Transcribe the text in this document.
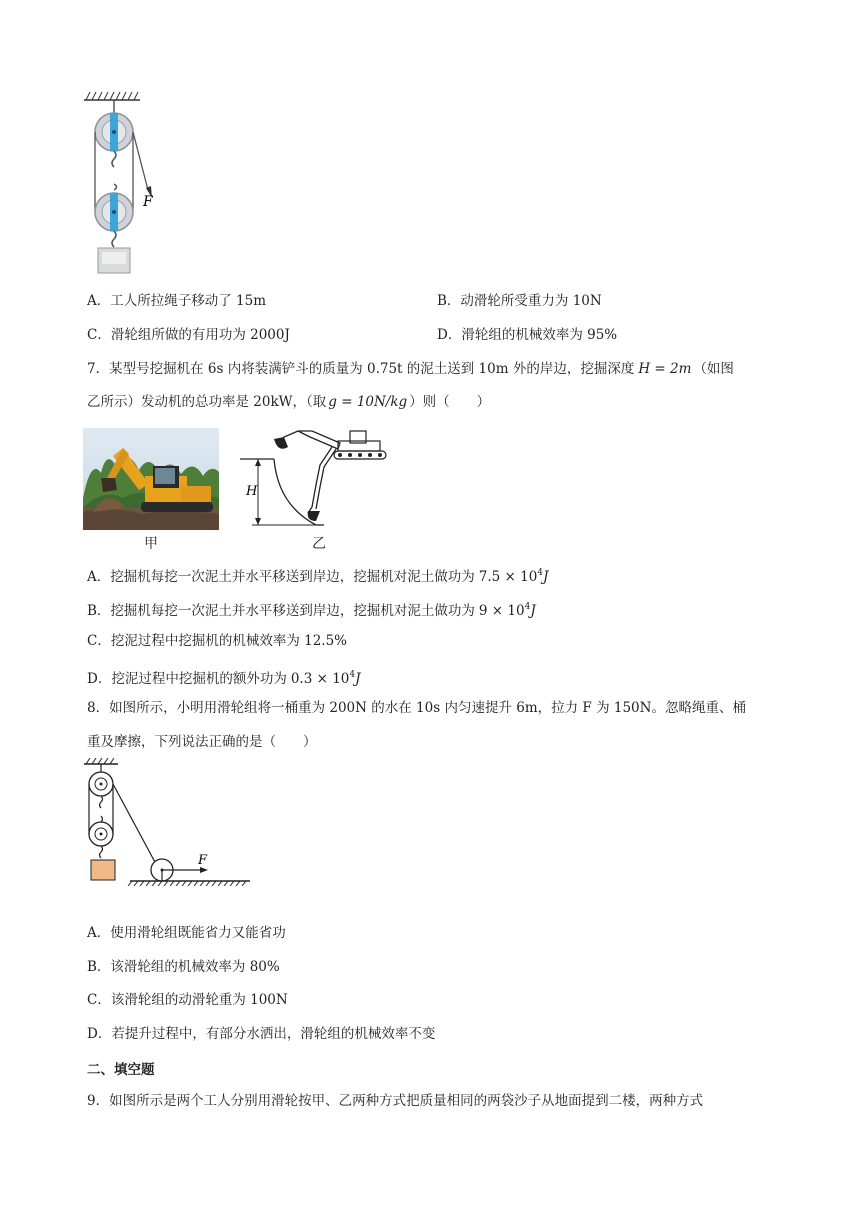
F
A．工人所拉绳子移动了 15m	B．动滑轮所受重力为 10N
C．滑轮组所做的有用功为 2000J	D．滑轮组的机械效率为 95%
7．某型号挖掘机在 6s 内将装满铲斗的质量为 0.75t 的泥土送到 10m 外的岸边，挖掘深度 H = 2m （如图
乙所示）发动机的总功率是 20kW，（取 g = 10N/kg ）则（　　）
甲
H
乙
A．挖掘机每挖一次泥土并水平移送到岸边，挖掘机对泥土做功为 $7.5 \times 10^4J$
B．挖掘机每挖一次泥土并水平移送到岸边，挖掘机对泥土做功为 $9 \times 10^4J$
C．挖泥过程中挖掘机的机械效率为 12.5%
D．挖泥过程中挖掘机的额外功为 $0.3 \times 10^4J$
8．如图所示，小明用滑轮组将一桶重为 200N 的水在 10s 内匀速提升 6m，拉力 F 为 150N。忽略绳重、桶
重及摩擦，下列说法正确的是（　　）
F
A．使用滑轮组既能省力又能省功
B．该滑轮组的机械效率为 80%
C．该滑轮组的动滑轮重为 100N
D．若提升过程中，有部分水洒出，滑轮组的机械效率不变
二、填空题
9．如图所示是两个工人分别用滑轮按甲、乙两种方式把质量相同的两袋沙子从地面提到二楼，两种方式
